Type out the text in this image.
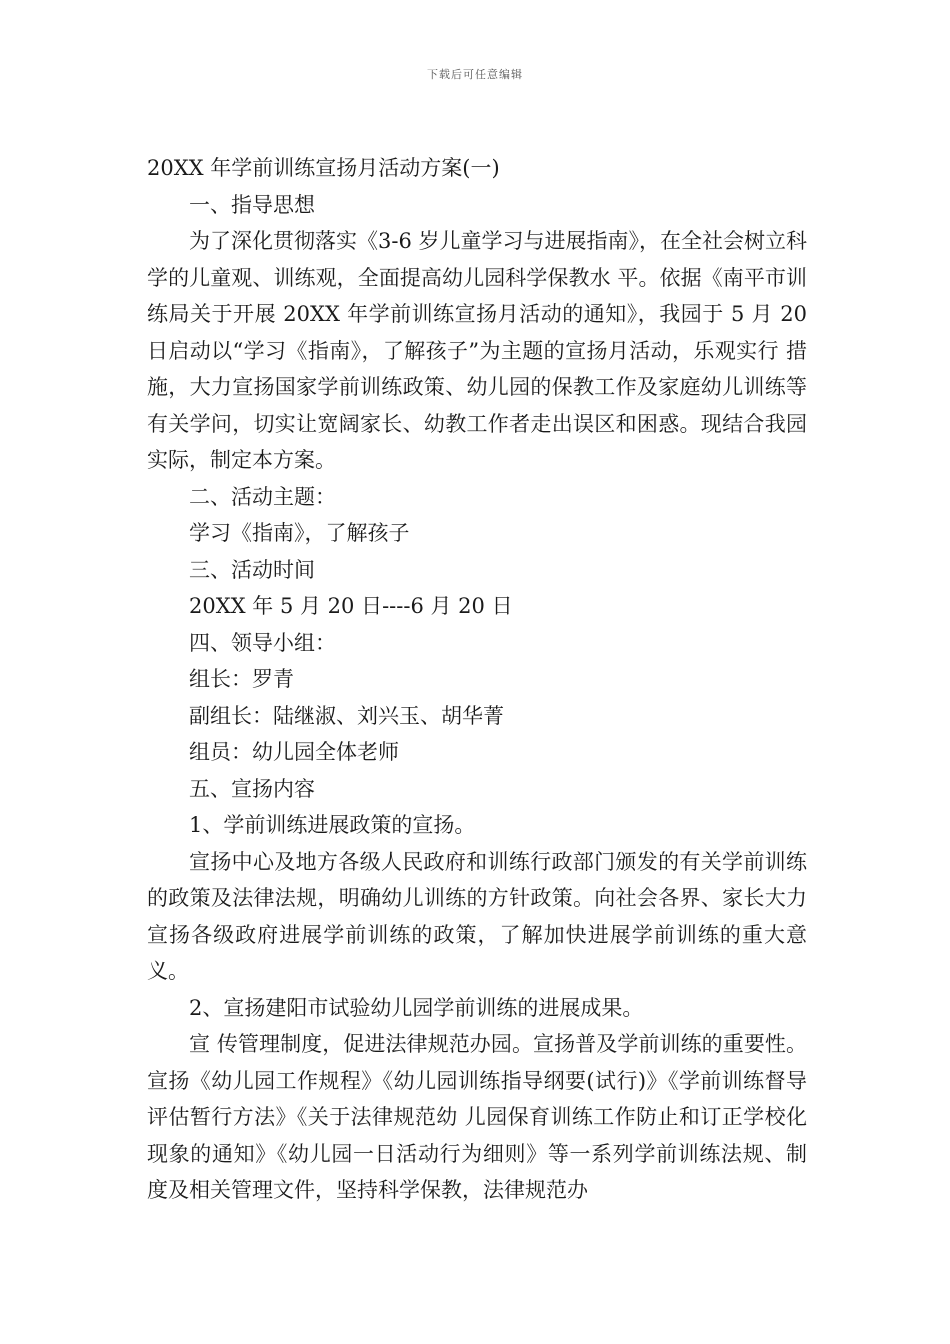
下载后可任意编辑

20XX 年学前训练宣扬月活动方案(一)

一、指导思想

为了深化贯彻落实《3-6 岁儿童学习与进展指南》，在全社会树立科学的儿童观、训练观，全面提高幼儿园科学保教水 平。依据《南平市训练局关于开展 20XX 年学前训练宣扬月活动的通知》，我园于 5 月 20 日启动以“学习《指南》，了解孩子”为主题的宣扬月活动，乐观实行 措施，大力宣扬国家学前训练政策、幼儿园的保教工作及家庭幼儿训练等有关学问，切实让宽阔家长、幼教工作者走出误区和困惑。现结合我园实际，制定本方案。

二、活动主题：

学习《指南》，了解孩子

三、活动时间

20XX 年 5 月 20 日----6 月 20 日

四、领导小组：

组长：罗青

副组长：陆继淑、刘兴玉、胡华菁

组员：幼儿园全体老师

五、宣扬内容

1、学前训练进展政策的宣扬。

宣扬中心及地方各级人民政府和训练行政部门颁发的有关学前训练的政策及法律法规，明确幼儿训练的方针政策。向社会各界、家长大力宣扬各级政府进展学前训练的政策，了解加快进展学前训练的重大意义。

2、宣扬建阳市试验幼儿园学前训练的进展成果。

宣 传管理制度，促进法律规范办园。宣扬普及学前训练的重要性。宣扬《幼儿园工作规程》《幼儿园训练指导纲要(试行)》《学前训练督导评估暂行方法》《关于法律规范幼 儿园保育训练工作防止和订正学校化现象的通知》《幼儿园一日活动行为细则》等一系列学前训练法规、制度及相关管理文件，坚持科学保教，法律规范办
